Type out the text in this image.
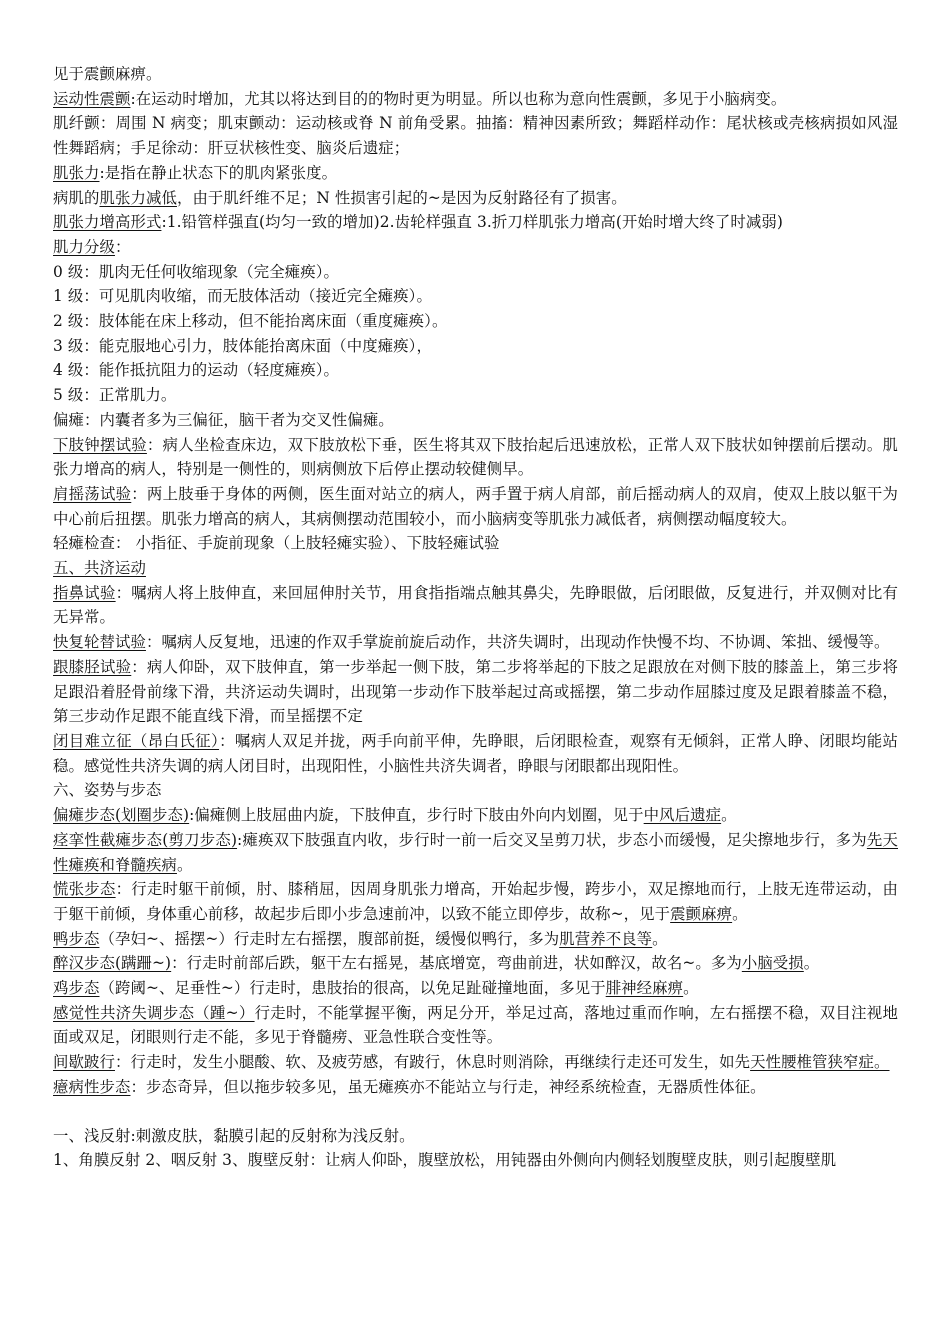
见于震颤麻痹。

运动性震颤:在运动时增加，尤其以将达到目的的物时更为明显。所以也称为意向性震颤，多见于小脑病变。

肌纤颤：周围 N 病变；肌束颤动：运动核或脊 N 前角受累。抽搐：精神因素所致；舞蹈样动作：尾状核或壳核病损如风湿性舞蹈病；手足徐动：肝豆状核性变、脑炎后遗症；

肌张力:是指在静止状态下的肌肉紧张度。

病肌的肌张力减低，由于肌纤维不足；N 性损害引起的~是因为反射路径有了损害。

肌张力增高形式:1.铅管样强直(均匀一致的增加)2.齿轮样强直 3.折刀样肌张力增高(开始时增大终了时减弱)

肌力分级：

0 级：肌肉无任何收缩现象（完全瘫痪）。

1 级：可见肌肉收缩，而无肢体活动（接近完全瘫痪）。

2 级：肢体能在床上移动，但不能抬离床面（重度瘫痪）。

3 级：能克服地心引力，肢体能抬离床面（中度瘫痪），

4 级：能作抵抗阻力的运动（轻度瘫痪）。

5 级：正常肌力。

偏瘫：内囊者多为三偏征，脑干者为交叉性偏瘫。

下肢钟摆试验：病人坐检查床边，双下肢放松下垂，医生将其双下肢抬起后迅速放松，正常人双下肢状如钟摆前后摆动。肌张力增高的病人，特别是一侧性的，则病侧放下后停止摆动较健侧早。

肩摇荡试验：两上肢垂于身体的两侧，医生面对站立的病人，两手置于病人肩部，前后摇动病人的双肩，使双上肢以躯干为中心前后扭摆。肌张力增高的病人，其病侧摆动范围较小，而小脑病变等肌张力减低者，病侧摆动幅度较大。

轻瘫检查： 小指征、手旋前现象（上肢轻瘫实验）、下肢轻瘫试验

五、共济运动

指鼻试验：嘱病人将上肢伸直，来回屈伸肘关节，用食指指端点触其鼻尖，先睁眼做，后闭眼做，反复进行，并双侧对比有无异常。

快复轮替试验：嘱病人反复地，迅速的作双手掌旋前旋后动作，共济失调时，出现动作快慢不均、不协调、笨拙、缓慢等。

跟膝胫试验：病人仰卧，双下肢伸直，第一步举起一侧下肢，第二步将举起的下肢之足跟放在对侧下肢的膝盖上，第三步将足跟沿着胫骨前缘下滑，共济运动失调时，出现第一步动作下肢举起过高或摇摆，第二步动作屈膝过度及足跟着膝盖不稳，第三步动作足跟不能直线下滑，而呈摇摆不定

闭目难立征（昂白氏征）：嘱病人双足并拢，两手向前平伸，先睁眼，后闭眼检查，观察有无倾斜，正常人睁、闭眼均能站稳。感觉性共济失调的病人闭目时，出现阳性，小脑性共济失调者，睁眼与闭眼都出现阳性。

六、姿势与步态

偏瘫步态(划圈步态):偏瘫侧上肢屈曲内旋，下肢伸直，步行时下肢由外向内划圈，见于中风后遗症。

痉挛性截瘫步态(剪刀步态):瘫痪双下肢强直内收，步行时一前一后交叉呈剪刀状，步态小而缓慢，足尖擦地步行，多为先天性瘫痪和脊髓疾病。

慌张步态：行走时躯干前倾，肘、膝稍屈，因周身肌张力增高，开始起步慢，跨步小，双足擦地而行，上肢无连带运动，由于躯干前倾，身体重心前移，故起步后即小步急速前冲，以致不能立即停步，故称~，见于震颤麻痹。

鸭步态（孕妇~、摇摆~）行走时左右摇摆，腹部前挺，缓慢似鸭行，多为肌营养不良等。

醉汉步态(蹒跚~)：行走时前部后跌，躯干左右摇晃，基底增宽，弯曲前进，状如醉汉，故名~。多为小脑受损。

鸡步态（跨阈~、足垂性~）行走时，患肢抬的很高，以免足趾碰撞地面，多见于腓神经麻痹。

感觉性共济失调步态（踵~）行走时，不能掌握平衡，两足分开，举足过高，落地过重而作响，左右摇摆不稳，双目注视地面或双足，闭眼则行走不能，多见于脊髓痨、亚急性联合变性等。

间歇跛行：行走时，发生小腿酸、软、及疲劳感，有跛行，休息时则消除，再继续行走还可发生，如先天性腰椎管狭窄症。

癔病性步态：步态奇异，但以拖步较多见，虽无瘫痪亦不能站立与行走，神经系统检查，无器质性体征。

一、浅反射:刺激皮肤，黏膜引起的反射称为浅反射。

1、角膜反射 2、咽反射 3、腹壁反射：让病人仰卧，腹壁放松，用钝器由外侧向内侧轻划腹壁皮肤，则引起腹壁肌
